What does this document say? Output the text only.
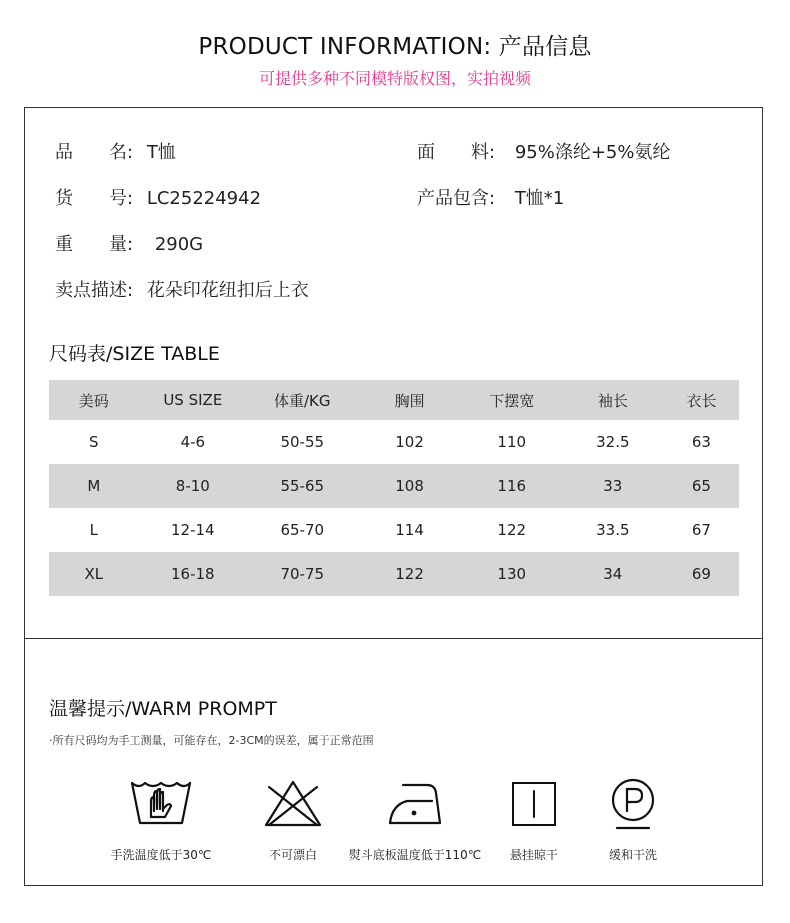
PRODUCT INFORMATION: 产品信息
可提供多种不同模特版权图，实拍视频
品　　名: T恤	面　　料: 95%涤纶+5%氨纶
货　　号: LC25224942	产品包含: T恤*1
重　　量: 290G
卖点描述: 花朵印花纽扣后上衣
尺码表/SIZE TABLE
美码	US SIZE	体重/KG	胸围	下摆宽	袖长	衣长
S	4-6	50-55	102	110	32.5	63
M	8-10	55-65	108	116	33	65
L	12-14	65-70	114	122	33.5	67
XL	16-18	70-75	122	130	34	69
温馨提示/WARM PROMPT
·所有尺码均为手工测量，可能存在，2-3CM的误差，属于正常范围
手洗温度低于30℃	不可漂白	熨斗底板温度低于110℃	悬挂晾干	缓和干洗
